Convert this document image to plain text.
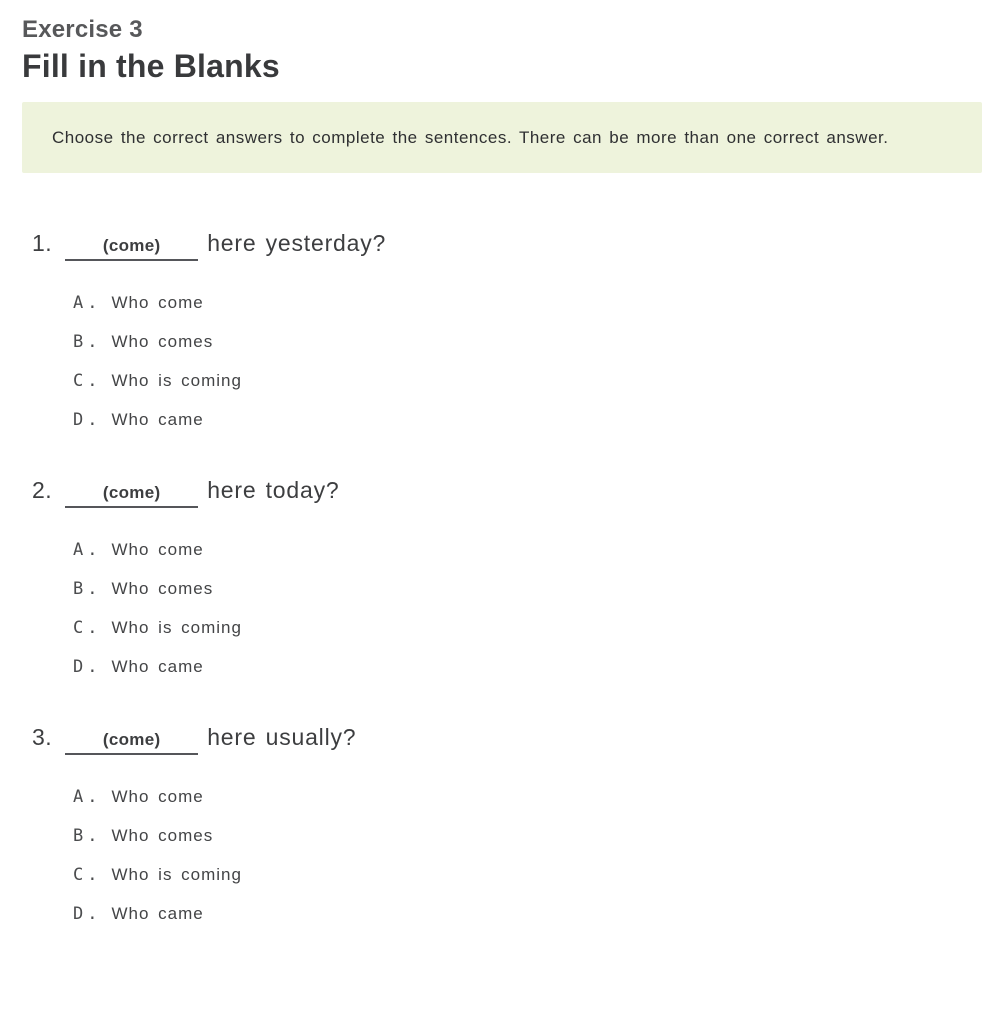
Exercise 3
Fill in the Blanks

Choose the correct answers to complete the sentences. There can be more than one correct answer.

1.	(come)	here yesterday?
A. Who come
B. Who comes
C. Who is coming
D. Who came
2.	(come)	here today?
A. Who come
B. Who comes
C. Who is coming
D. Who came
3.	(come)	here usually?
A. Who come
B. Who comes
C. Who is coming
D. Who came
